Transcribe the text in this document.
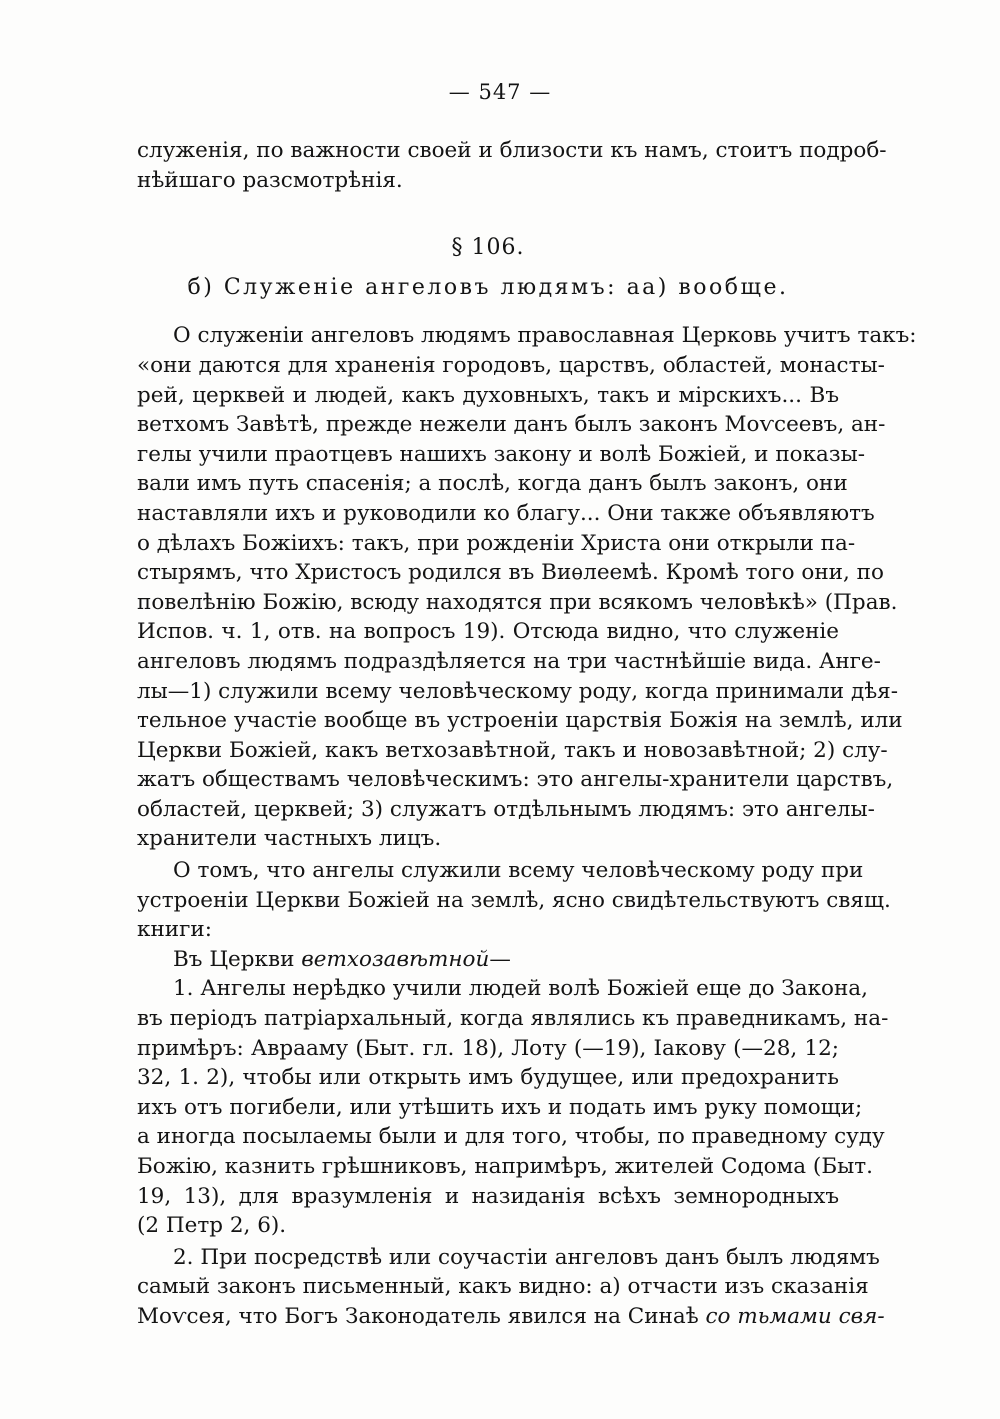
— 547 —
служенія, по важности своей и близости къ намъ, стоитъ подроб-
нѣйшаго разсмотрѣнія.
§ 106.
б) Служеніе ангеловъ людямъ: аа) вообще.
О служеніи ангеловъ людямъ православная Церковь учитъ такъ:
«они даются для храненія городовъ, царствъ, областей, монасты-
рей, церквей и людей, какъ духовныхъ, такъ и мірскихъ... Въ
ветхомъ Завѣтѣ, прежде нежели данъ былъ законъ Моѵсеевъ, ан-
гелы учили праотцевъ нашихъ закону и волѣ Божіей, и показы-
вали имъ путь спасенія; а послѣ, когда данъ былъ законъ, они
наставляли ихъ и руководили ко благу... Они также объявляютъ
о дѣлахъ Божіихъ: такъ, при рожденіи Христа они открыли па-
стырямъ, что Христосъ родился въ Виѳлеемѣ. Кромѣ того они, по
повелѣнію Божію, всюду находятся при всякомъ человѣкѣ» (Прав.
Испов. ч. 1, отв. на вопросъ 19). Отсюда видно, что служеніе
ангеловъ людямъ подраздѣляется на три частнѣйшіе вида. Анге-
лы—1) служили всему человѣческому роду, когда принимали дѣя-
тельное участіе вообще въ устроеніи царствія Божія на землѣ, или
Церкви Божіей, какъ ветхозавѣтной, такъ и новозавѣтной; 2) слу-
жатъ обществамъ человѣческимъ: это ангелы-хранители царствъ,
областей, церквей; 3) служатъ отдѣльнымъ людямъ: это ангелы-
хранители частныхъ лицъ.
О томъ, что ангелы служили всему человѣческому роду при
устроеніи Церкви Божіей на землѣ, ясно свидѣтельствуютъ свящ.
книги:
Въ Церкви ветхозавѣтной—
1. Ангелы нерѣдко учили людей волѣ Божіей еще до Закона,
въ періодъ патріархальный, когда являлись къ праведникамъ, на-
примѣръ: Аврааму (Быт. гл. 18), Лоту (—19), Іакову (—28, 12;
32, 1. 2), чтобы или открыть имъ будущее, или предохранить
ихъ отъ погибели, или утѣшить ихъ и подать имъ руку помощи;
а иногда посылаемы были и для того, чтобы, по праведному суду
Божію, казнить грѣшниковъ, напримѣръ, жителей Содома (Быт.
19, 13), для вразумленія и назиданія всѣхъ земнородныхъ
(2 Петр 2, 6).
2. При посредствѣ или соучастіи ангеловъ данъ былъ людямъ
самый законъ письменный, какъ видно: а) отчасти изъ сказанія
Моѵсея, что Богъ Законодатель явился на Синаѣ со тьмами свя-
